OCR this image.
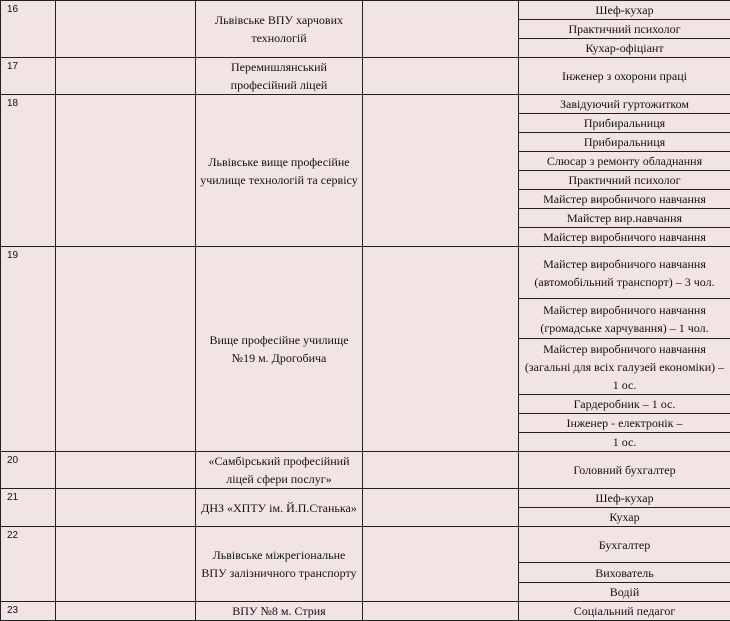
16		Львівське ВПУ харчових технологій		Шеф-кухар
				Практичний психолог
				Кухар-офіціант
17		Перемишлянський професійний ліцей		Інженер з охорони праці
18		Львівське вище професійне училище технологій та сервісу		Завідуючий гуртожитком
				Прибиральниця
				Прибиральниця
				Слюсар з ремонту обладнання
				Практичний психолог
				Майстер виробничого навчання
				Майстер вир.навчання
				Майстер виробничого навчання
19		Вище професійне училище №19 м. Дрогобича		Майстер виробничого навчання (автомобільний транспорт) – 3 чол.
				Майстер виробничого навчання (громадське харчування) – 1 чол.
				Майстер виробничого навчання (загальні для всіх галузей економіки) – 1 ос.
				Гардеробник – 1 ос.
				Інженер - електронік –
				1 ос.
20		«Самбірський професійний ліцей сфери послуг»		Головний бухгалтер
21		ДНЗ «ХПТУ ім. Й.П.Станька»		Шеф-кухар
				Кухар
22		Львівське міжрегіональне ВПУ залізничного транспорту		Бухгалтер
				Вихователь
				Водій
23		ВПУ №8 м. Стрия		Соціальний педагог
